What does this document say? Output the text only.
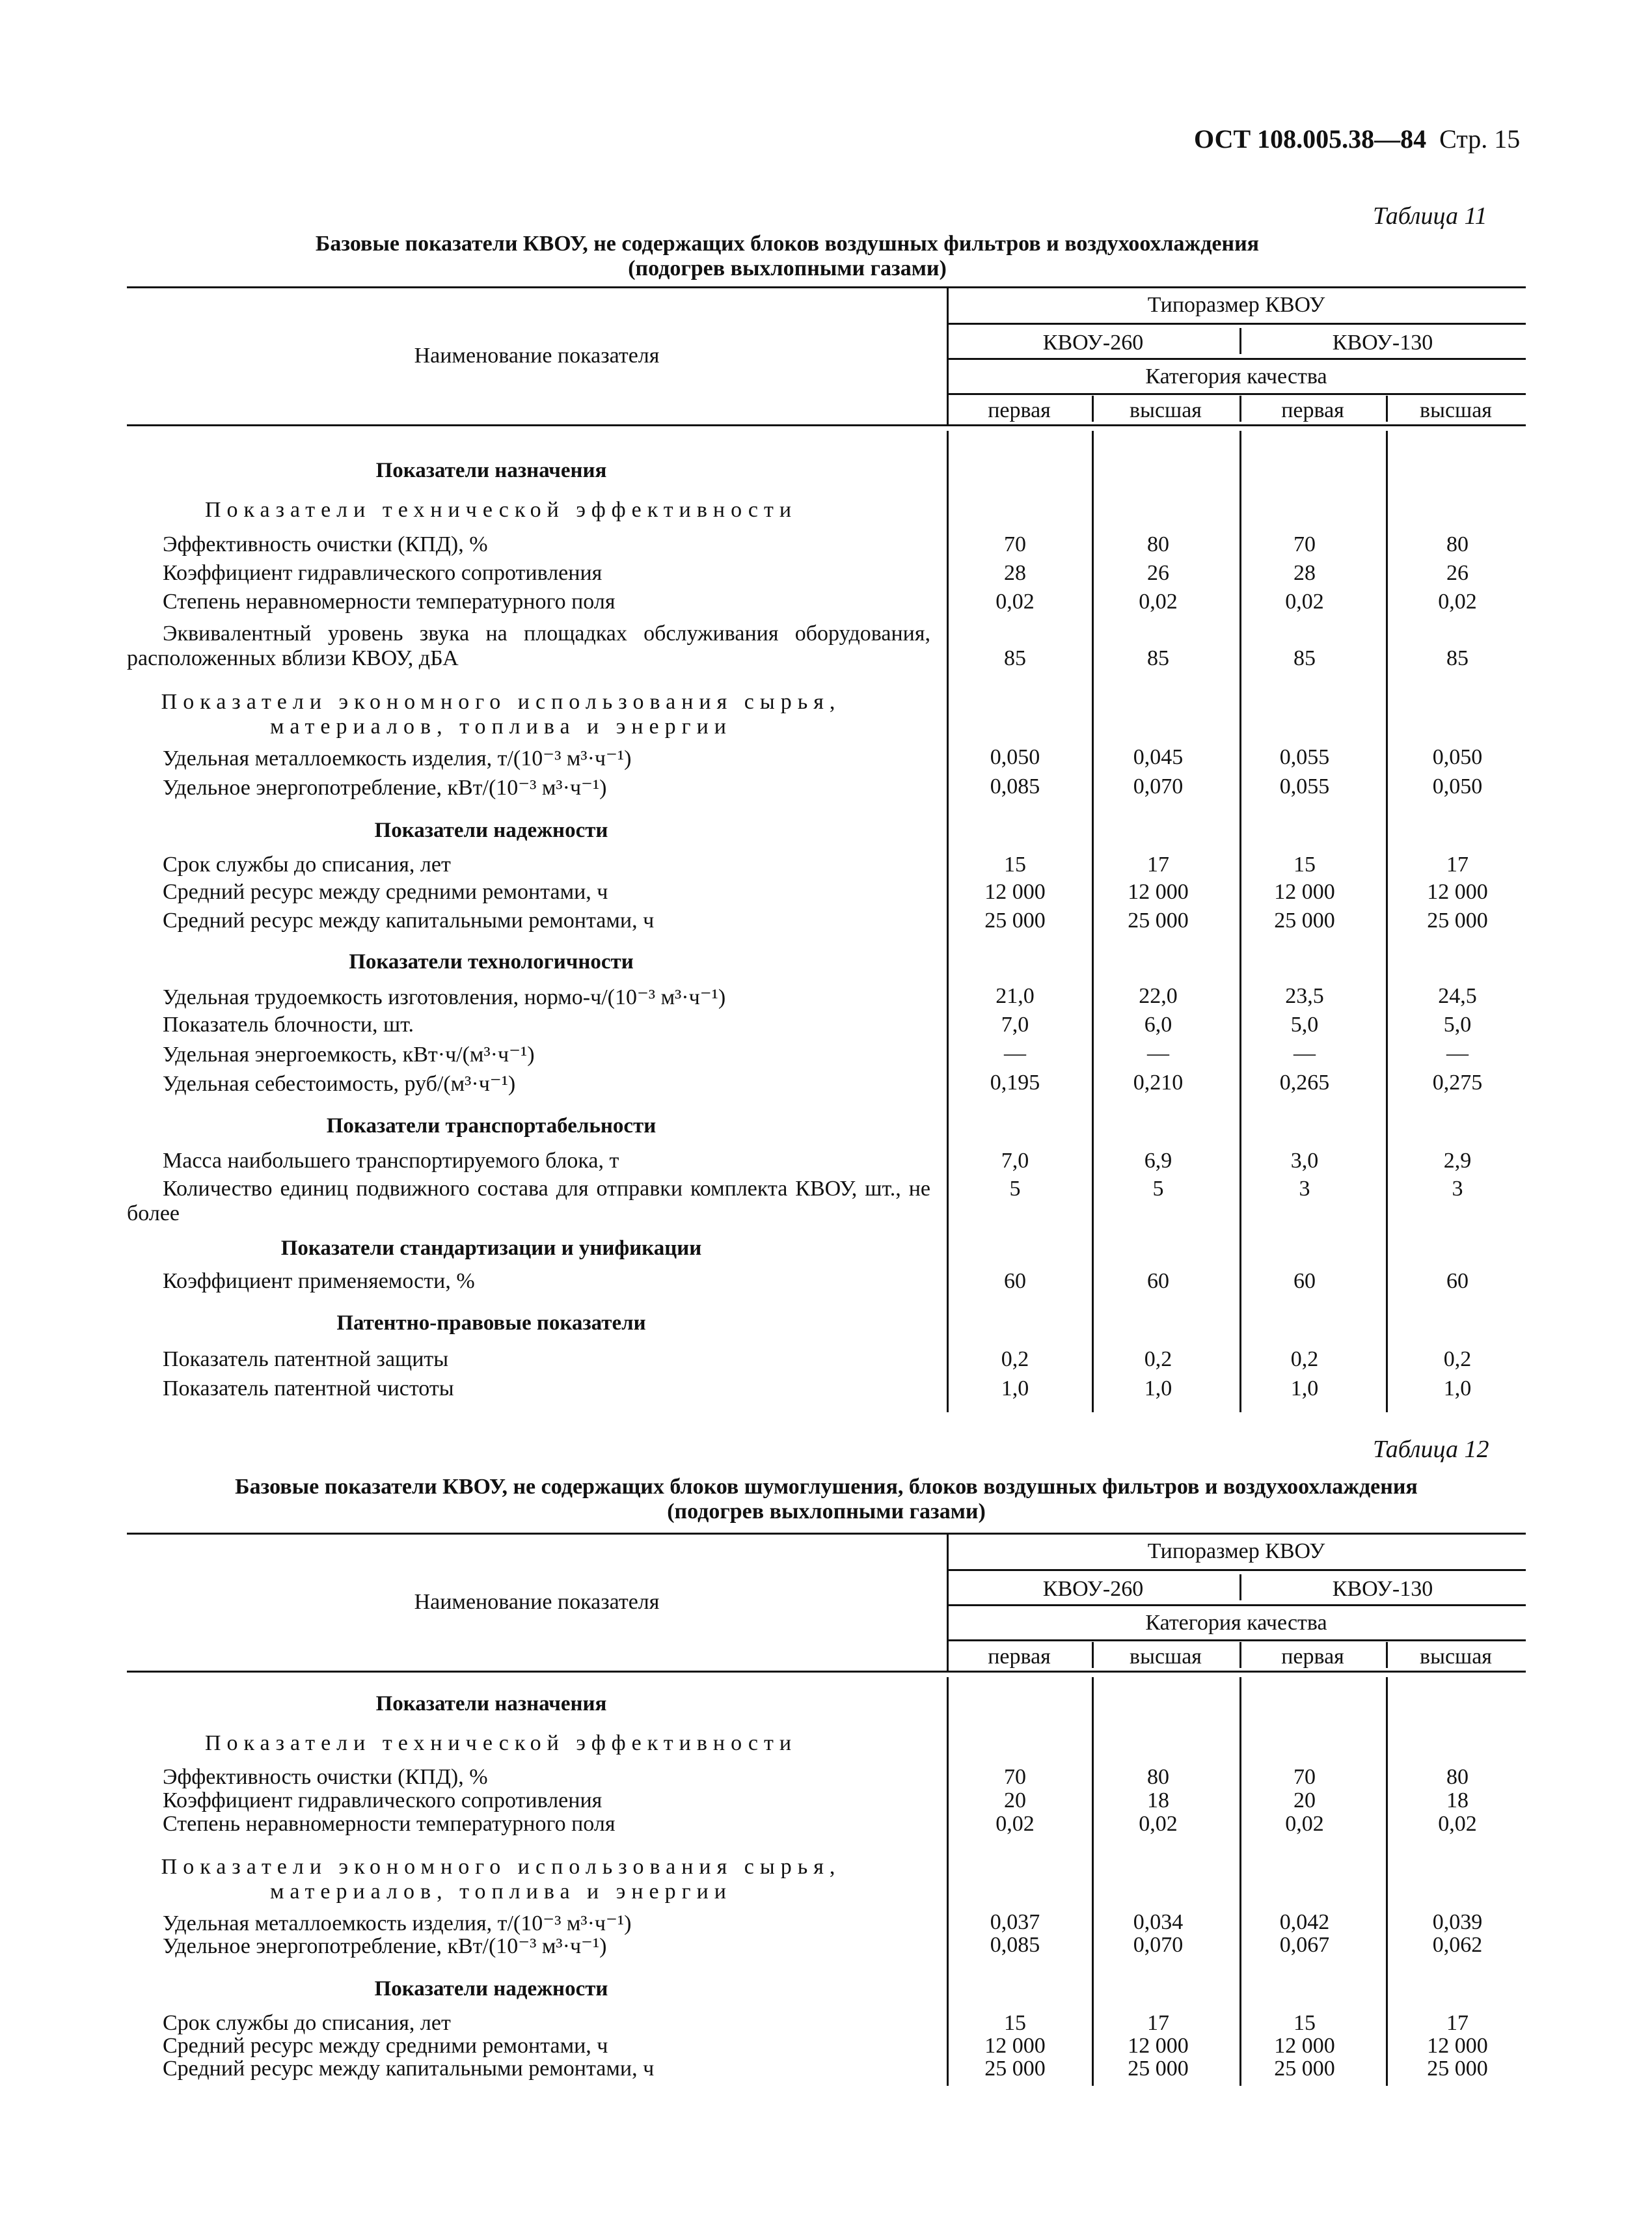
ОСТ 108.005.38—84 Стр. 15
Таблица 11
Базовые показатели КВОУ, не содержащих блоков воздушных фильтров и воздухоохлаждения
(подогрев выхлопными газами)
Типоразмер КВОУ
КВОУ-260	КВОУ-130
Категория качества
первая	высшая	первая	высшая
Наименование показателя
Показатели назначения
Показатели технической эффективности
Эффективность очистки (КПД), %	70	80	70	80
Коэффициент гидравлического сопротивления	28	26	28	26
Степень неравномерности температурного поля	0,02	0,02	0,02	0,02
Эквивалентный уровень звука на площадках обслуживания оборудования, расположенных вблизи КВОУ, дБА	85	85	85	85
Показатели экономного использования сырья, материалов, топлива и энергии
Удельная металлоемкость изделия, т/(10⁻³ м³·ч⁻¹)	0,050	0,045	0,055	0,050
Удельное энергопотребление, кВт/(10⁻³ м³·ч⁻¹)	0,085	0,070	0,055	0,050
Показатели надежности
Срок службы до списания, лет	15	17	15	17
Средний ресурс между средними ремонтами, ч	12 000	12 000	12 000	12 000
Средний ресурс между капитальными ремонтами, ч	25 000	25 000	25 000	25 000
Показатели технологичности
Удельная трудоемкость изготовления, нормо-ч/(10⁻³ м³·ч⁻¹)	21,0	22,0	23,5	24,5
Показатель блочности, шт.	7,0	6,0	5,0	5,0
Удельная энергоемкость, кВт·ч/(м³·ч⁻¹)	—	—	—	—
Удельная себестоимость, руб/(м³·ч⁻¹)	0,195	0,210	0,265	0,275
Показатели транспортабельности
Масса наибольшего транспортируемого блока, т	7,0	6,9	3,0	2,9
Количество единиц подвижного состава для отправки комплекта КВОУ, шт., не более
5	5	3	3
Показатели стандартизации и унификации
Коэффициент применяемости, %	60	60	60	60
Патентно-правовые показатели
Показатель патентной защиты	0,2	0,2	0,2	0,2
Показатель патентной чистоты	1,0	1,0	1,0	1,0
Таблица 12
Базовые показатели КВОУ, не содержащих блоков шумоглушения, блоков воздушных фильтров и воздухоохлаждения
(подогрев выхлопными газами)
Типоразмер КВОУ
КВОУ-260	КВОУ-130
Категория качества
первая	высшая	первая	высшая
Наименование показателя
Показатели назначения
Показатели технической эффективности
Эффективность очистки (КПД), %	70	80	70	80
Коэффициент гидравлического сопротивления	20	18	20	18
Степень неравномерности температурного поля	0,02	0,02	0,02	0,02
Показатели экономного использования сырья, материалов, топлива и энергии
Удельная металлоемкость изделия, т/(10⁻³ м³·ч⁻¹)	0,037	0,034	0,042	0,039
Удельное энергопотребление, кВт/(10⁻³ м³·ч⁻¹)	0,085	0,070	0,067	0,062
Показатели надежности
Срок службы до списания, лет	15	17	15	17
Средний ресурс между средними ремонтами, ч	12 000	12 000	12 000	12 000
Средний ресурс между капитальными ремонтами, ч	25 000	25 000	25 000	25 000
